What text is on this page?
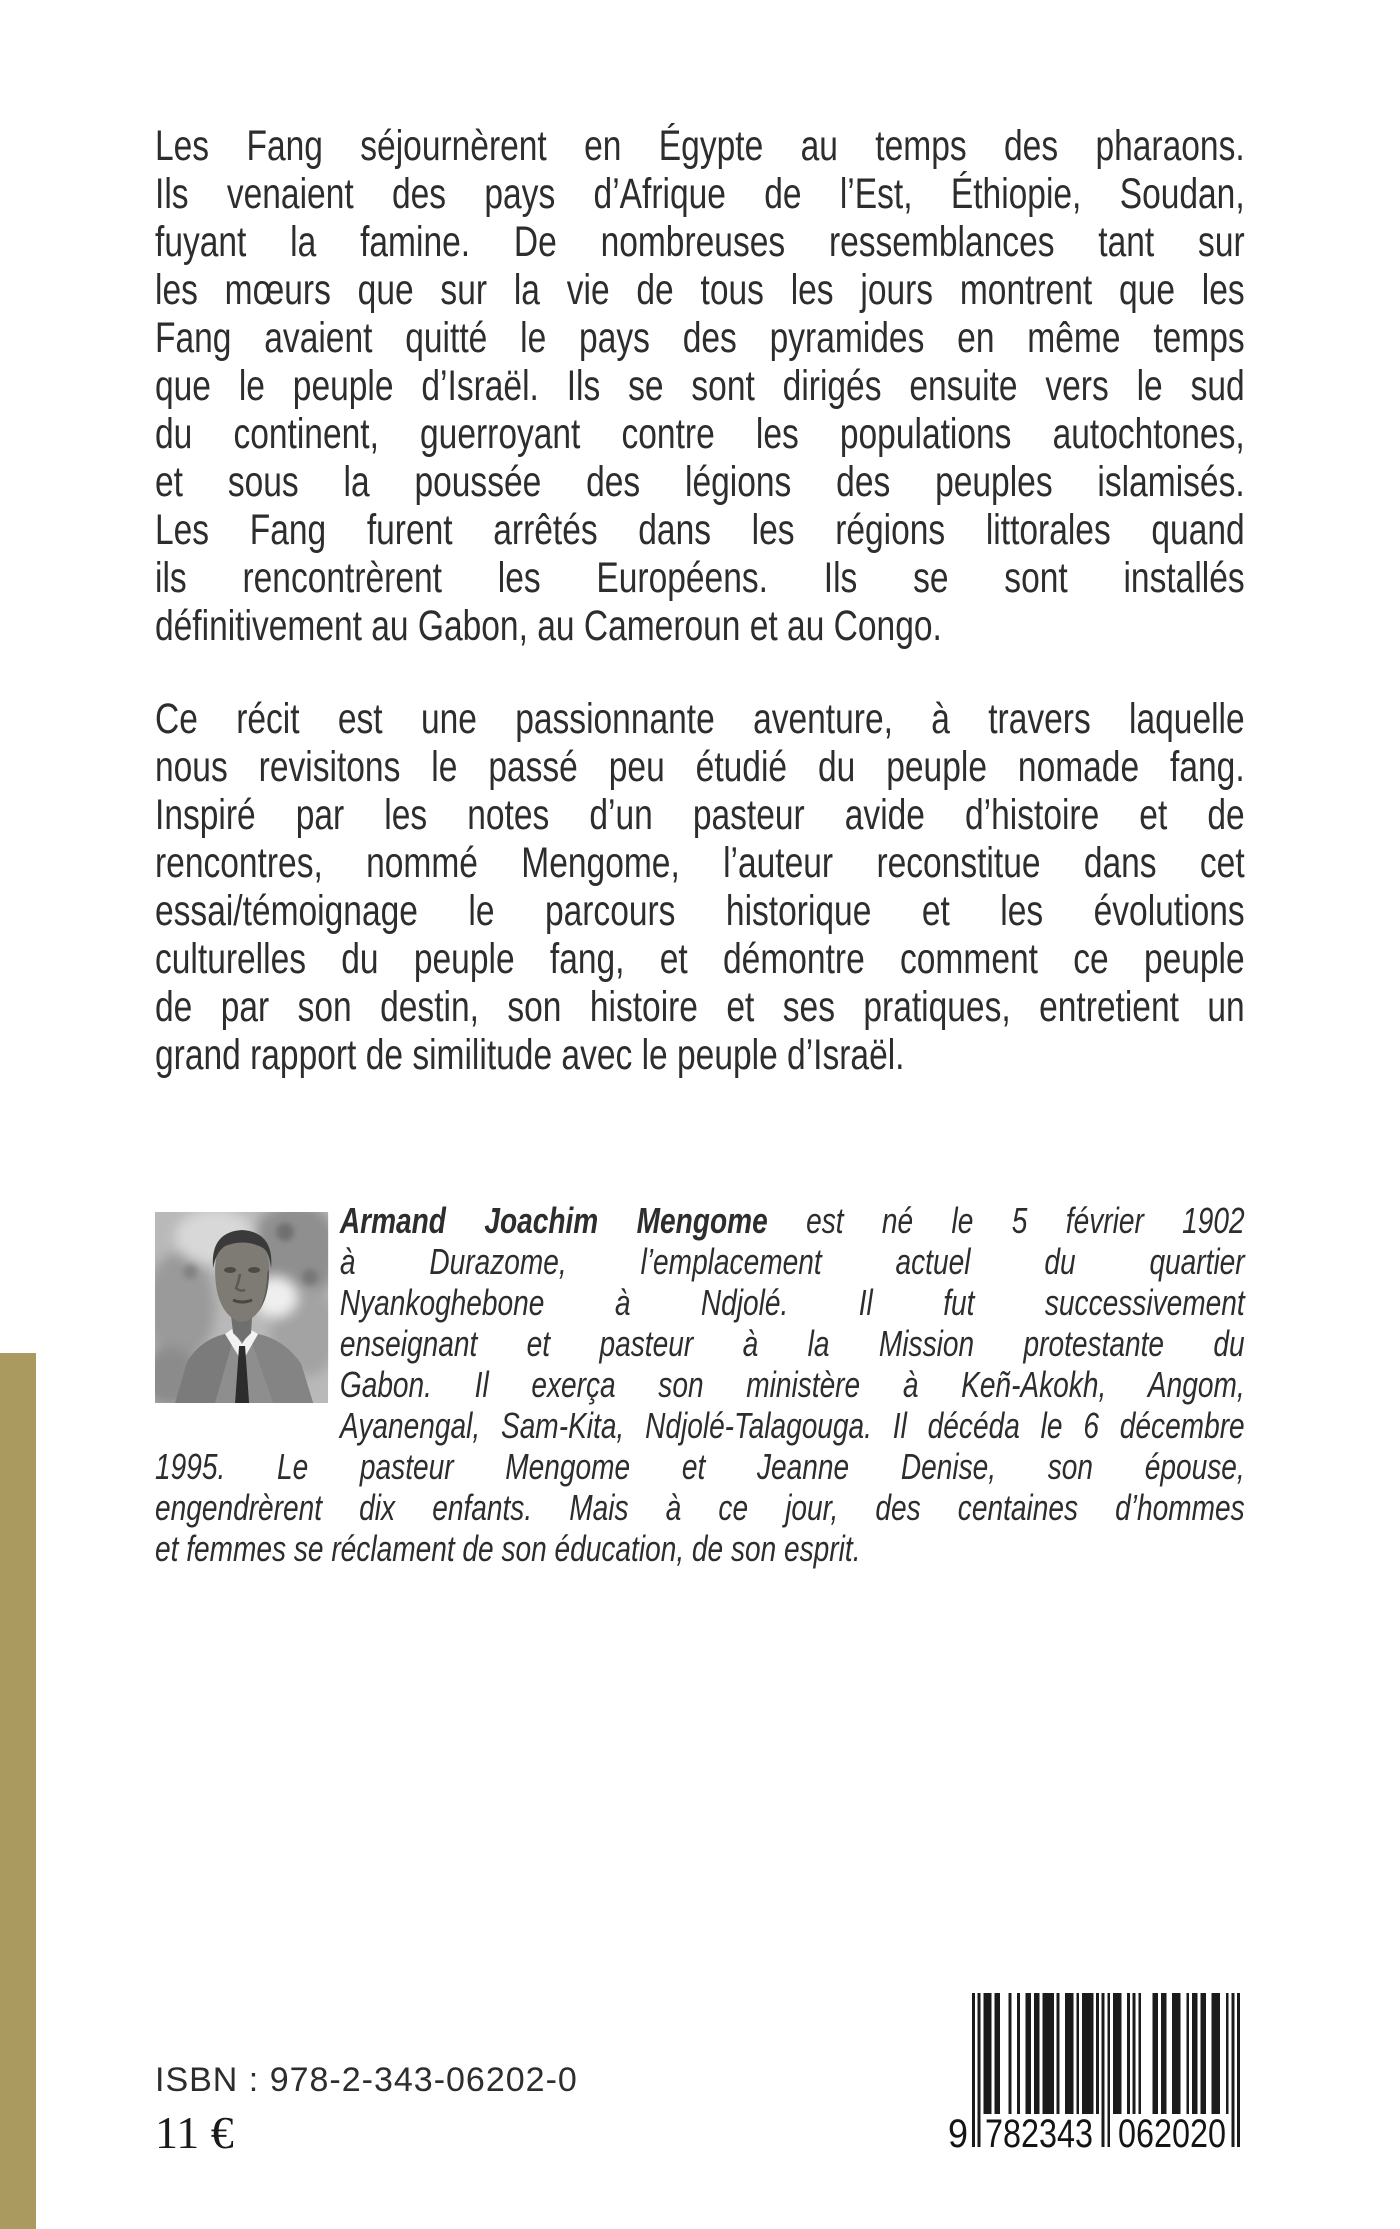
Les Fang séjournèrent en Égypte au temps des pharaons.
Ils venaient des pays d’Afrique de l’Est, Éthiopie, Soudan,
fuyant la famine. De nombreuses ressemblances tant sur
les mœurs que sur la vie de tous les jours montrent que les
Fang avaient quitté le pays des pyramides en même temps
que le peuple d’Israël. Ils se sont dirigés ensuite vers le sud
du continent, guerroyant contre les populations autochtones,
et sous la poussée des légions des peuples islamisés.
Les Fang furent arrêtés dans les régions littorales quand
ils rencontrèrent les Européens. Ils se sont installés
définitivement au Gabon, au Cameroun et au Congo.
Ce récit est une passionnante aventure, à travers laquelle
nous revisitons le passé peu étudié du peuple nomade fang.
Inspiré par les notes d’un pasteur avide d’histoire et de
rencontres, nommé Mengome, l’auteur reconstitue dans cet
essai/témoignage le parcours historique et les évolutions
culturelles du peuple fang, et démontre comment ce peuple
de par son destin, son histoire et ses pratiques, entretient un
grand rapport de similitude avec le peuple d’Israël.
Armand Joachim Mengome est né le 5 février 1902
à Durazome, l’emplacement actuel du quartier
Nyankoghebone à Ndjolé. Il fut successivement
enseignant et pasteur à la Mission protestante du
Gabon. Il exerça son ministère à Keñ-Akokh, Angom,
Ayanengal, Sam-Kita, Ndjolé-Talagouga. Il décéda le 6 décembre
1995. Le pasteur Mengome et Jeanne Denise, son épouse,
engendrèrent dix enfants. Mais à ce jour, des centaines d’hommes
et femmes se réclament de son éducation, de son esprit.
ISBN : 978-2-343-06202-0
11 €	9 782343 062020
